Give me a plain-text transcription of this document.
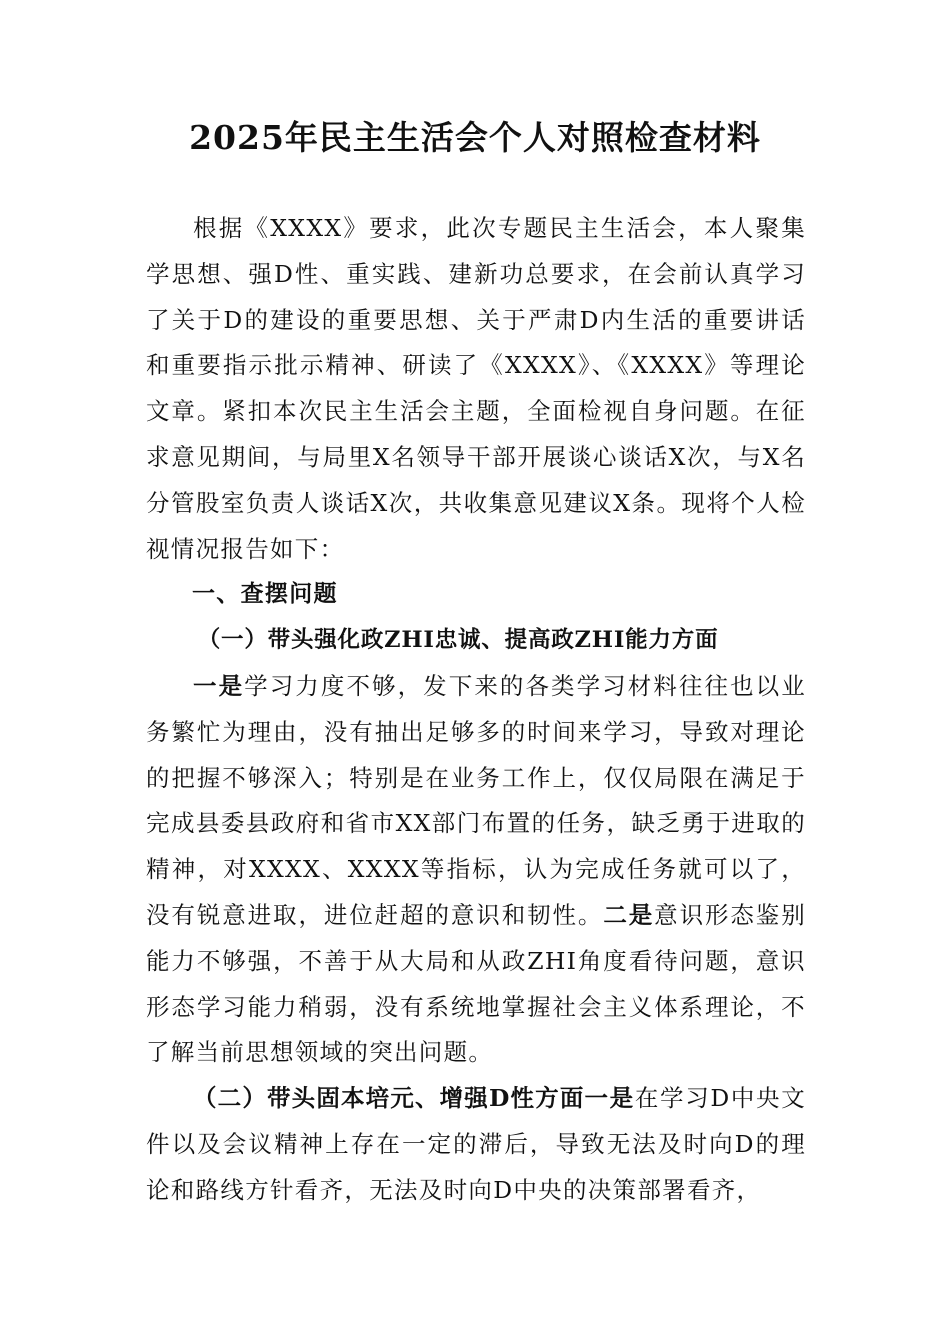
2025年民主生活会个人对照检查材料

根据《XXXX》要求，此次专题民主生活会，本人聚集学思想、强D性、重实践、建新功总要求，在会前认真学习了关于D的建设的重要思想、关于严肃D内生活的重要讲话和重要指示批示精神、研读了《XXXX》、《XXXX》等理论文章。紧扣本次民主生活会主题，全面检视自身问题。在征求意见期间，与局里X名领导干部开展谈心谈话X次，与X名分管股室负责人谈话X次，共收集意见建议X条。现将个人检视情况报告如下：

一、查摆问题

（一）带头强化政ZHI忠诚、提高政ZHI能力方面

一是学习力度不够，发下来的各类学习材料往往也以业务繁忙为理由，没有抽出足够多的时间来学习，导致对理论的把握不够深入；特别是在业务工作上，仅仅局限在满足于完成县委县政府和省市XX部门布置的任务，缺乏勇于进取的精神，对XXXX、XXXX等指标，认为完成任务就可以了，没有锐意进取，进位赶超的意识和韧性。二是意识形态鉴别能力不够强，不善于从大局和从政ZHI角度看待问题，意识形态学习能力稍弱，没有系统地掌握社会主义体系理论，不了解当前思想领域的突出问题。

（二）带头固本培元、增强D性方面一是在学习D中央文件以及会议精神上存在一定的滞后，导致无法及时向D的理论和路线方针看齐，无法及时向D中央的决策部署看齐，
